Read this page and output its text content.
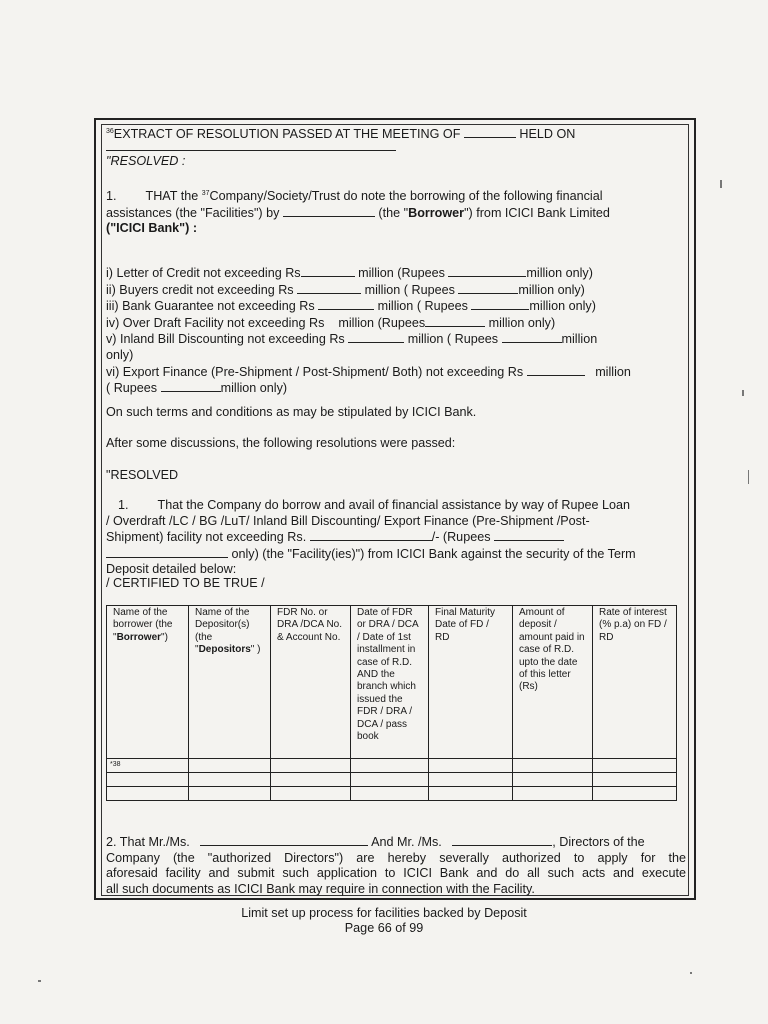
$^{36}$EXTRACT OF RESOLUTION PASSED AT THE MEETING OF	HELD ON
"RESOLVED :
1. THAT the $^{37}$Company/Society/Trust do note the borrowing of the following financial
assistances (the "Facilities") by	(the "Borrower") from ICICI Bank Limited
("ICICI Bank") :
i) Letter of Credit not exceeding Rs	million (Rupees	million only)
ii) Buyers credit not exceeding Rs	million ( Rupees	million only)
iii) Bank Guarantee not exceeding Rs	million ( Rupees	million only)
iv) Over Draft Facility not exceeding Rs million (Rupees	million only)
v) Inland Bill Discounting not exceeding Rs	million ( Rupees	million
only)
vi) Export Finance (Pre-Shipment / Post-Shipment/ Both) not exceeding Rs	million
( Rupees	million only)
On such terms and conditions as may be stipulated by ICICI Bank.
After some discussions, the following resolutions were passed:
"RESOLVED
1. That the Company do borrow and avail of financial assistance by way of Rupee Loan
/ Overdraft /LC / BG /LuT/ Inland Bill Discounting/ Export Finance (Pre-Shipment /Post-
Shipment) facility not exceeding Rs.	/- (Rupees
only) (the "Facility(ies)") from ICICI Bank against the security of the Term
Deposit detailed below:
/ CERTIFIED TO BE TRUE /
Name of the borrower (the "Borrower")	Name of the Depositor(s) (the "Depositors" )	FDR No. or DRA /DCA No. & Account No.	Date of FDR or DRA / DCA / Date of 1st installment in case of R.D. AND the branch which issued the FDR / DRA / DCA / pass book	Final Maturity Date of FD / RD	Amount of deposit / amount paid in case of R.D. upto the date of this letter (Rs)	Rate of interest (% p.a) on FD / RD
*38						

2. That Mr./Ms.	And Mr. /Ms.	, Directors of the
Company (the "authorized Directors") are hereby severally authorized to apply for the
aforesaid facility and submit such application to ICICI Bank and do all such acts and execute
all such documents as ICICI Bank may require in connection with the Facility.
Limit set up process for facilities backed by Deposit
Page 66 of 99
